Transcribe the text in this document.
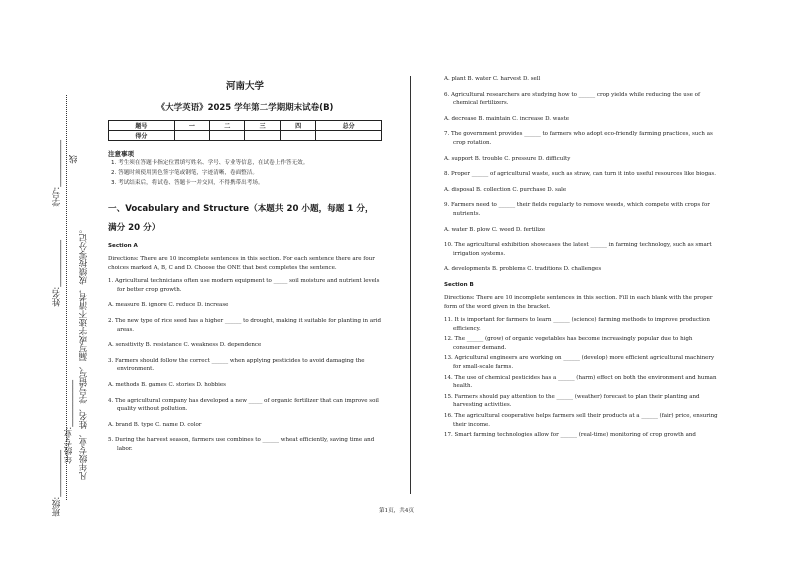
学号:___________
姓名:___________
线
凡年级专业、姓名、学号错写、漏写或字迹不清者，成绩按零分记。
年级专业:___________
班级:___________
河南大学
《大学英语》2025 学年第二学期期末试卷(B)
题号	一	二	三	四	总分
得分					
注意事项
1. 考生须在答题卡指定位置填写姓名、学号、专业等信息，在试卷上作答无效。
2. 答题时须使用黑色签字笔或钢笔，字迹清晰，卷面整洁。
3. 考试结束后，将试卷、答题卡一并交回，不得携带出考场。
一、Vocabulary and Structure（本题共 20 小题，每题 1 分，满分 20 分）
Section A
Directions: There are 10 incomplete sentences in this section. For each sentence there are four choices marked A, B, C and D. Choose the ONE that best completes the sentence.
1. Agricultural technicians often use modern equipment to _____ soil moisture and nutrient levels for better crop growth.
A. measure B. ignore C. reduce D. increase
2. The new type of rice seed has a higher ______ to drought, making it suitable for planting in arid areas.
A. sensitivity B. resistance C. weakness D. dependence
3. Farmers should follow the correct ______ when applying pesticides to avoid damaging the environment.
A. methods B. games C. stories D. hobbies
4. The agricultural company has developed a new _____ of organic fertilizer that can improve soil quality without pollution.
A. brand B. type C. name D. color
5. During the harvest season, farmers use combines to ______ wheat efficiently, saving time and labor.
A. plant B. water C. harvest D. sell
6. Agricultural researchers are studying how to ______ crop yields while reducing the use of chemical fertilizers.
A. decrease B. maintain C. increase D. waste
7. The government provides ______ to farmers who adopt eco-friendly farming practices, such as crop rotation.
A. support B. trouble C. pressure D. difficulty
8. Proper ______ of agricultural waste, such as straw, can turn it into useful resources like biogas.
A. disposal B. collection C. purchase D. sale
9. Farmers need to ______ their fields regularly to remove weeds, which compete with crops for nutrients.
A. water B. plow C. weed D. fertilize
10. The agricultural exhibition showcases the latest ______ in farming technology, such as smart irrigation systems.
A. developments B. problems C. traditions D. challenges
Section B
Directions: There are 10 incomplete sentences in this section. Fill in each blank with the proper form of the word given in the bracket.
11. It is important for farmers to learn ______ (science) farming methods to improve production efficiency.
12. The ______ (grow) of organic vegetables has become increasingly popular due to high consumer demand.
13. Agricultural engineers are working on ______ (develop) more efficient agricultural machinery for small-scale farms.
14. The use of chemical pesticides has a ______ (harm) effect on both the environment and human health.
15. Farmers should pay attention to the ______ (weather) forecast to plan their planting and harvesting activities.
16. The agricultural cooperative helps farmers sell their products at a ______ (fair) price, ensuring their income.
17. Smart farming technologies allow for ______ (real-time) monitoring of crop growth and
第1页，共4页
